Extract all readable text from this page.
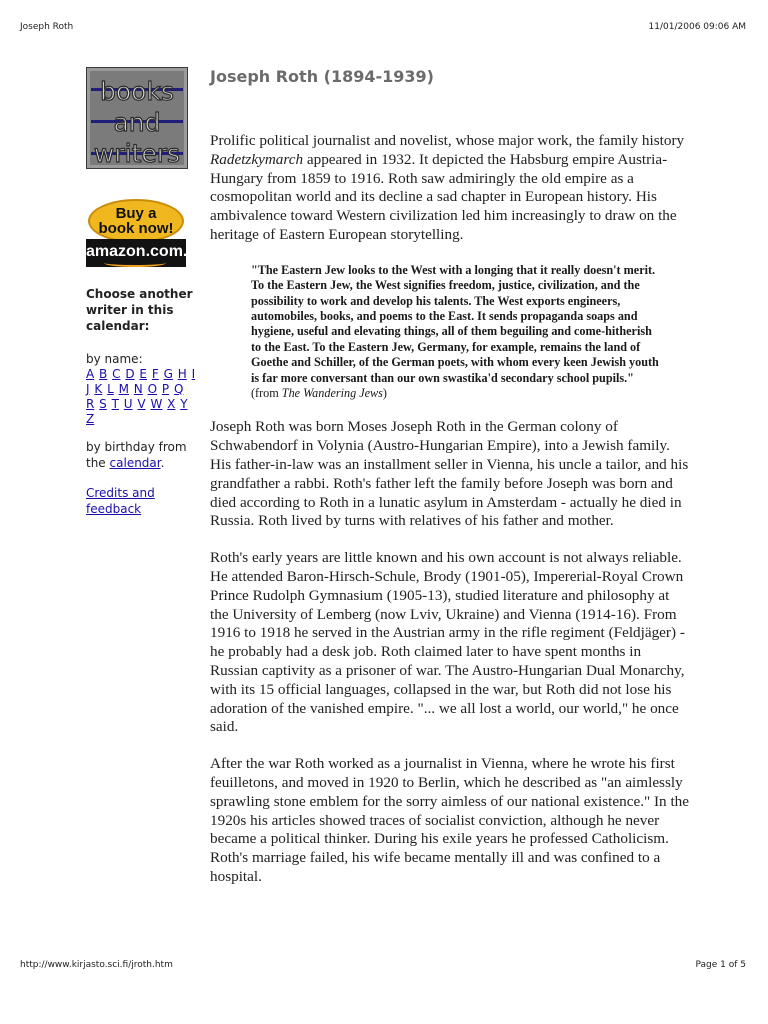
Joseph Roth	11/01/2006 09:06 AM
books
and
writers
Buy a
book now!
amazon.com.
Choose another writer in this calendar:
by name:
A B C D E F G H I J K L M N O P Q R S T U V W X Y Z
by birthday from the calendar.
Credits and feedback
Joseph Roth (1894-1939)

Prolific political journalist and novelist, whose major work, the family history Radetzkymarch appeared in 1932. It depicted the Habsburg empire Austria-Hungary from 1859 to 1916. Roth saw admiringly the old empire as a cosmopolitan world and its decline a sad chapter in European history. His ambivalence toward Western civilization led him increasingly to draw on the heritage of Eastern European storytelling.

"The Eastern Jew looks to the West with a longing that it really doesn't merit. To the Eastern Jew, the West signifies freedom, justice, civilization, and the possibility to work and develop his talents. The West exports engineers, automobiles, books, and poems to the East. It sends propaganda soaps and hygiene, useful and elevating things, all of them beguiling and come-hitherish to the East. To the Eastern Jew, Germany, for example, remains the land of Goethe and Schiller, of the German poets, with whom every keen Jewish youth is far more conversant than our own swastika'd secondary school pupils." (from The Wandering Jews)

Joseph Roth was born Moses Joseph Roth in the German colony of Schwabendorf in Volynia (Austro-Hungarian Empire), into a Jewish family. His father-in-law was an installment seller in Vienna, his uncle a tailor, and his grandfather a rabbi. Roth's father left the family before Joseph was born and died according to Roth in a lunatic asylum in Amsterdam - actually he died in Russia. Roth lived by turns with relatives of his father and mother.

Roth's early years are little known and his own account is not always reliable. He attended Baron-Hirsch-Schule, Brody (1901-05), Impererial-Royal Crown Prince Rudolph Gymnasium (1905-13), studied literature and philosophy at the University of Lemberg (now Lviv, Ukraine) and Vienna (1914-16). From 1916 to 1918 he served in the Austrian army in the rifle regiment (Feldjäger) - he probably had a desk job. Roth claimed later to have spent months in Russian captivity as a prisoner of war. The Austro-Hungarian Dual Monarchy, with its 15 official languages, collapsed in the war, but Roth did not lose his adoration of the vanished empire. "... we all lost a world, our world," he once said.

After the war Roth worked as a journalist in Vienna, where he wrote his first feuilletons, and moved in 1920 to Berlin, which he described as "an aimlessly sprawling stone emblem for the sorry aimless of our national existence." In the 1920s his articles showed traces of socialist conviction, although he never became a political thinker. During his exile years he professed Catholicism. Roth's marriage failed, his wife became mentally ill and was confined to a hospital.

http://www.kirjasto.sci.fi/jroth.htm	Page 1 of 5
